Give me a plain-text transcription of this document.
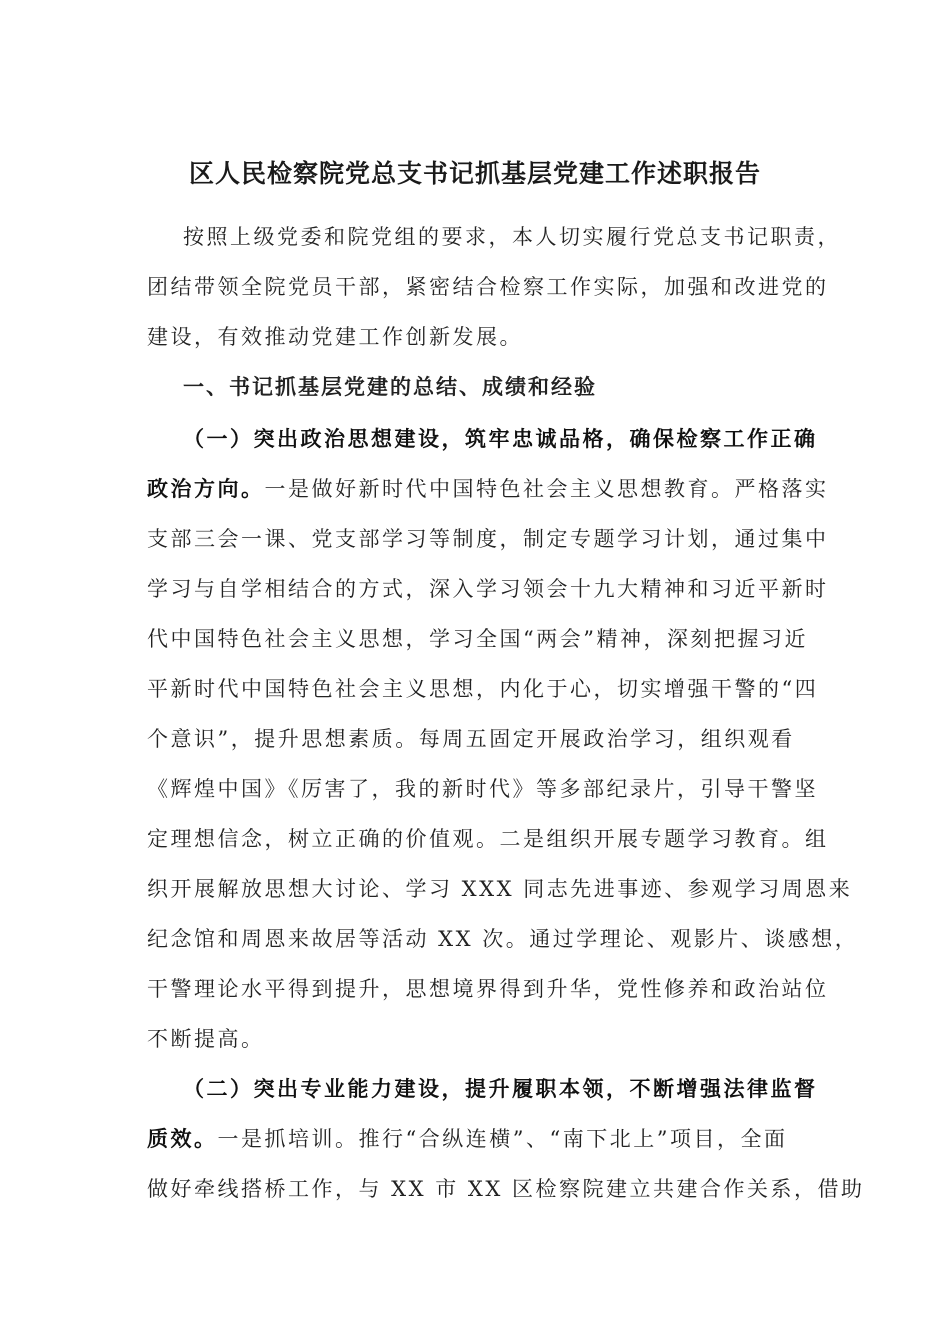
区人民检察院党总支书记抓基层党建工作述职报告
按照上级党委和院党组的要求，本人切实履行党总支书记职责，
团结带领全院党员干部，紧密结合检察工作实际，加强和改进党的
建设，有效推动党建工作创新发展。
一、书记抓基层党建的总结、成绩和经验
（一）突出政治思想建设，筑牢忠诚品格，确保检察工作正确
政治方向。一是做好新时代中国特色社会主义思想教育。严格落实
支部三会一课、党支部学习等制度，制定专题学习计划，通过集中
学习与自学相结合的方式，深入学习领会十九大精神和习近平新时
代中国特色社会主义思想，学习全国“两会”精神，深刻把握习近
平新时代中国特色社会主义思想，内化于心，切实增强干警的“四
个意识”，提升思想素质。每周五固定开展政治学习，组织观看
《辉煌中国》《厉害了，我的新时代》等多部纪录片，引导干警坚
定理想信念，树立正确的价值观。二是组织开展专题学习教育。组
织开展解放思想大讨论、学习 XXX 同志先进事迹、参观学习周恩来
纪念馆和周恩来故居等活动 XX 次。通过学理论、观影片、谈感想，
干警理论水平得到提升，思想境界得到升华，党性修养和政治站位
不断提高。
（二）突出专业能力建设，提升履职本领，不断增强法律监督
质效。一是抓培训。推行“合纵连横”、“南下北上”项目，全面
做好牵线搭桥工作，与 XX 市 XX 区检察院建立共建合作关系，借助
